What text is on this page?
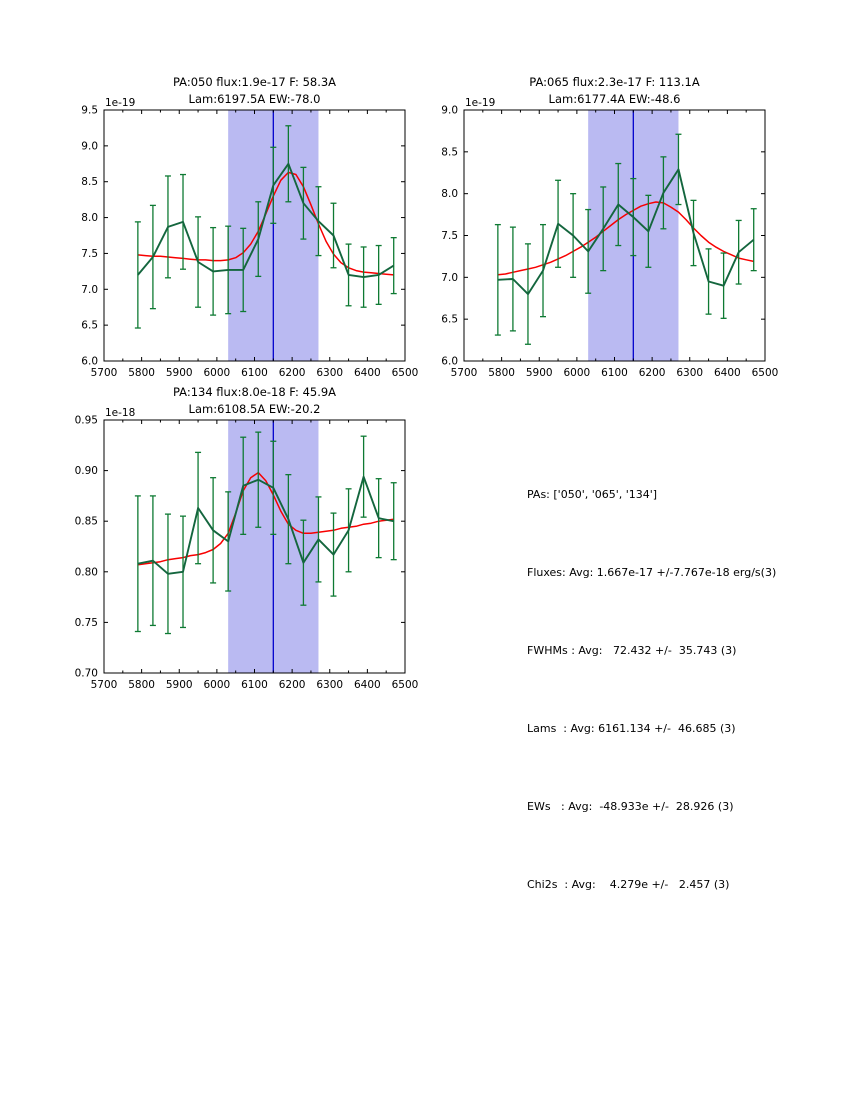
5700 5800 5900 6000 6100 6200 6300 6400 6500
6.0
6.5
7.0
7.5
8.0
8.5
9.0
9.5
PA:050 flux:1.9e-17 F: 58.3A
Lam:6197.5A EW:-78.0
1e-19
5700 5800 5900 6000 6100 6200 6300 6400 6500
6.0
6.5
7.0
7.5
8.0
8.5
9.0
PA:065 flux:2.3e-17 F: 113.1A
Lam:6177.4A EW:-48.6
1e-19
5700 5800 5900 6000 6100 6200 6300 6400 6500
0.70
0.75
0.80
0.85
0.90
0.95
PA:134 flux:8.0e-18 F: 45.9A
Lam:6108.5A EW:-20.2
1e-18

PAs: ['050', '065', '134']

Fluxes: Avg: 1.667e-17 +/-7.767e-18 erg/s(3)

FWHMs : Avg:   72.432 +/-  35.743 (3)

Lams  : Avg: 6161.134 +/-  46.685 (3)

EWs   : Avg:  -48.933e +/-  28.926 (3)

Chi2s  : Avg:    4.279e +/-   2.457 (3)
